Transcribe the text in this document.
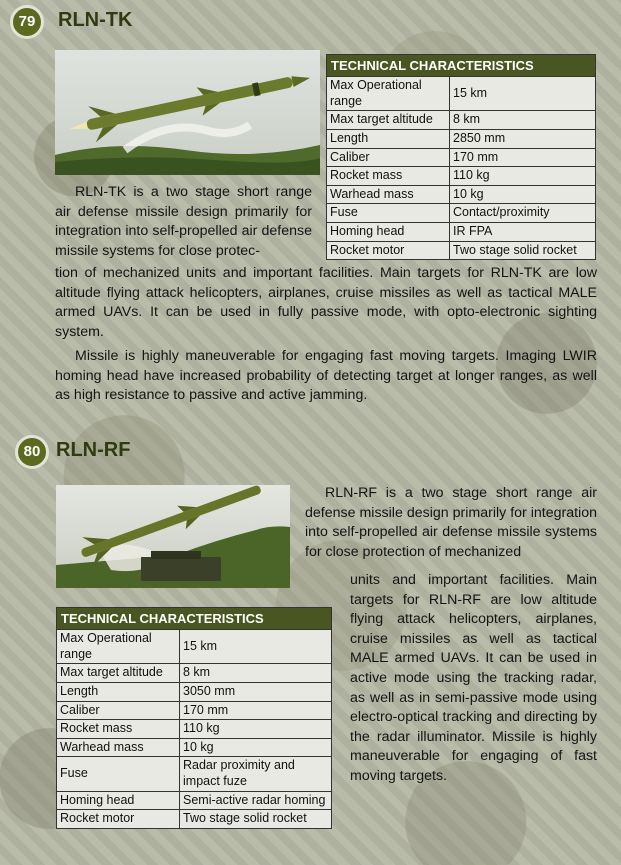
79	RLN-TK
TECHNICAL CHARACTERISTICS	
Max Operational range	15 km
Max target altitude	8 km
Length	2850 mm
Caliber	170 mm
Rocket mass	110 kg
Warhead mass	10 kg
Fuse	Contact/proximity
Homing head	IR FPA
Rocket motor	Two stage solid rocket

RLN-TK is a two stage short range air defense missile design primarily for integration into self-propelled air defense missile systems for close protec-

tion of mechanized units and important facilities. Main targets for RLN-TK are low altitude flying attack helicopters, airplanes, cruise missiles as well as tactical MALE armed UAVs. It can be used in fully passive mode, with opto-electronic sighting system.

Missile is highly maneuverable for engaging fast moving targets. Imaging LWIR homing head have increased probability of detecting target at longer ranges, as well as high resistance to passive and active jamming.

80 RLN-RF

RLN-RF is a two stage short range air defense missile design primarily for integration into self-propelled air defense missile systems for close protection of mechanized

TECHNICAL CHARACTERISTICS	
Max Operational range	15 km
Max target altitude	8 km
Length	3050 mm
Caliber	170 mm
Rocket mass	110 kg
Warhead mass	10 kg
Fuse	Radar proximity and impact fuze
Homing head	Semi-active radar homing
Rocket motor	Two stage solid rocket

units and important facilities. Main targets for RLN-RF are low altitude flying attack helicopters, airplanes, cruise missiles as well as tactical MALE armed UAVs. It can be used in active mode using the tracking radar, as well as in semi-passive mode using electro-optical tracking and directing by the radar illuminator. Missile is highly maneuverable for engaging of fast moving targets.
